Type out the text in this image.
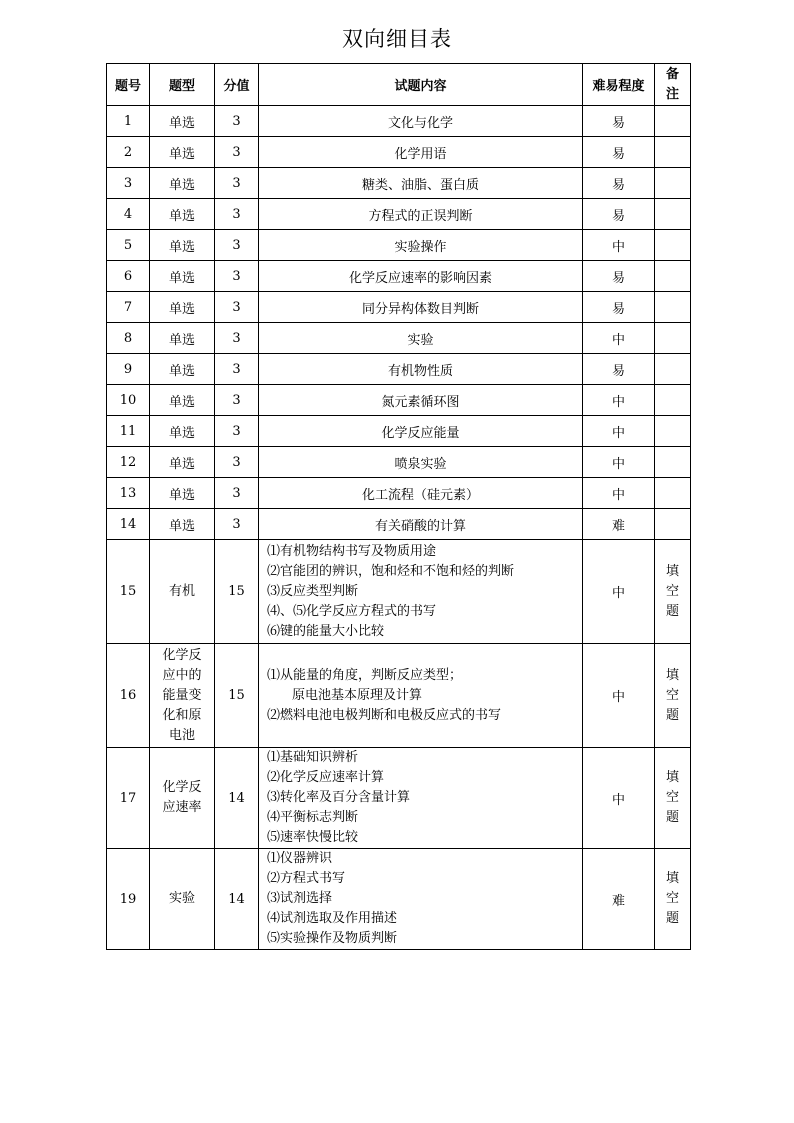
双向细目表
题号	题型	分值	试题内容	难易程度	备
注

1	单选	3	文化与化学	易	
2	单选	3	化学用语	易	
3	单选	3	糖类、油脂、蛋白质	易	
4	单选	3	方程式的正误判断	易	
5	单选	3	实验操作	中	
6	单选	3	化学反应速率的影响因素	易	
7	单选	3	同分异构体数目判断	易	
8	单选	3	实验	中	
9	单选	3	有机物性质	易	
10	单选	3	氮元素循环图	中	
11	单选	3	化学反应能量	中	
12	单选	3	喷泉实验	中	
13	单选	3	化工流程（硅元素）	中	
14	单选	3	有关硝酸的计算	难	
15	有机	15	⑴有机物结构书写及物质用途
⑵官能团的辨识，饱和烃和不饱和烃的判断
⑶反应类型判断
⑷、⑸化学反应方程式的书写
⑹键的能量大小比较	中	填
空
题

16	化学反
应中的
能量变
化和原
电池	15	⑴从能量的角度，判断反应类型；
原电池基本原理及计算
⑵燃料电池电极判断和电极反应式的书写	中	填
空
题

17	化学反
应速率	14	⑴基础知识辨析
⑵化学反应速率计算
⑶转化率及百分含量计算
⑷平衡标志判断
⑸速率快慢比较	中	填
空
题

19	实验	14	⑴仪器辨识
⑵方程式书写
⑶试剂选择
⑷试剂选取及作用描述
⑸实验操作及物质判断	难	填
空
题
